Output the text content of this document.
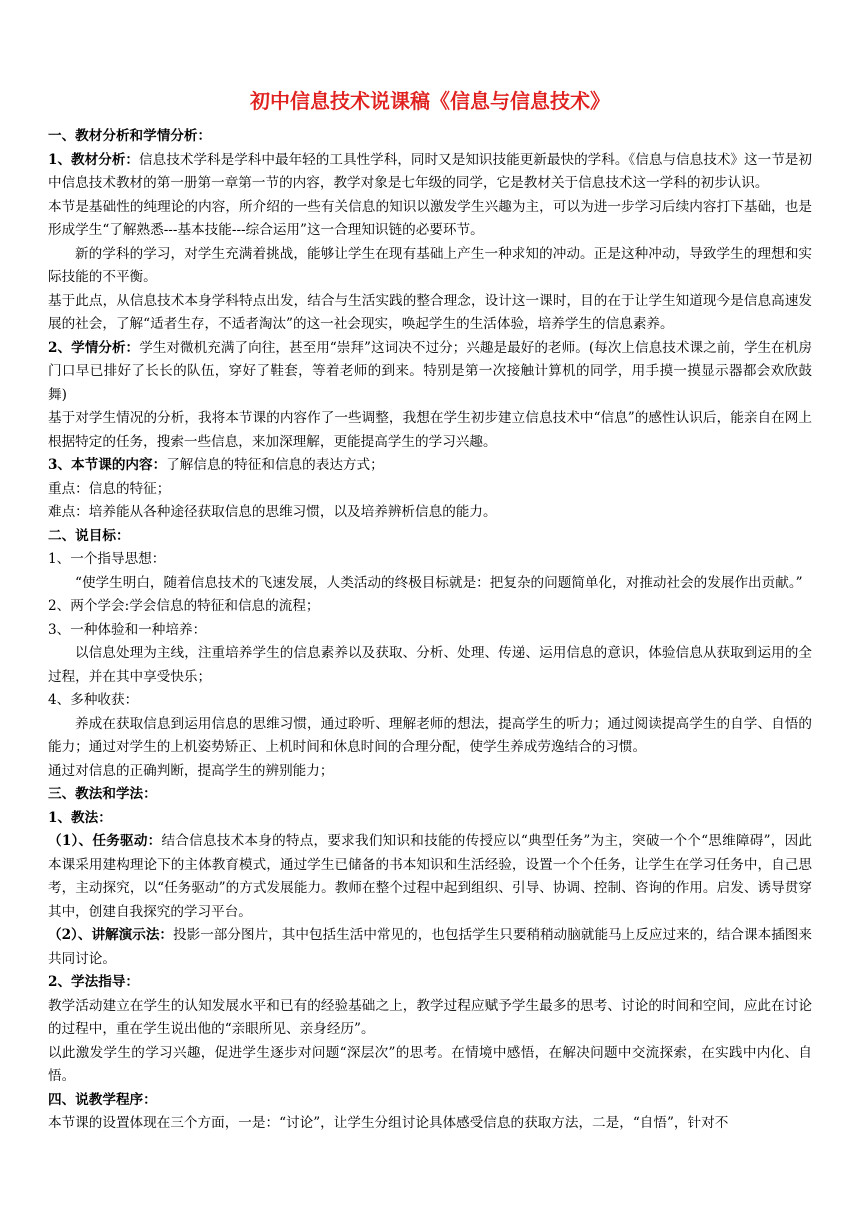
初中信息技术说课稿《信息与信息技术》

一、教材分析和学情分析：

1、教材分析：信息技术学科是学科中最年轻的工具性学科，同时又是知识技能更新最快的学科。《信息与信息技术》这一节是初中信息技术教材的第一册第一章第一节的内容，教学对象是七年级的同学，它是教材关于信息技术这一学科的初步认识。

本节是基础性的纯理论的内容，所介绍的一些有关信息的知识以激发学生兴趣为主，可以为进一步学习后续内容打下基础，也是形成学生“了解熟悉---基本技能---综合运用”这一合理知识链的必要环节。

新的学科的学习，对学生充满着挑战，能够让学生在现有基础上产生一种求知的冲动。正是这种冲动，导致学生的理想和实际技能的不平衡。

基于此点，从信息技术本身学科特点出发，结合与生活实践的整合理念，设计这一课时，目的在于让学生知道现今是信息高速发展的社会，了解“适者生存，不适者淘汰”的这一社会现实，唤起学生的生活体验，培养学生的信息素养。

2、学情分析：学生对微机充满了向往，甚至用“崇拜”这词决不过分；兴趣是最好的老师。(每次上信息技术课之前，学生在机房门口早已排好了长长的队伍，穿好了鞋套，等着老师的到来。特别是第一次接触计算机的同学，用手摸一摸显示器都会欢欣鼓舞)

基于对学生情况的分析，我将本节课的内容作了一些调整，我想在学生初步建立信息技术中“信息”的感性认识后，能亲自在网上根据特定的任务，搜索一些信息，来加深理解，更能提高学生的学习兴趣。

3、本节课的内容：了解信息的特征和信息的表达方式；

重点：信息的特征；

难点：培养能从各种途径获取信息的思维习惯，以及培养辨析信息的能力。

二、说目标：

1、一个指导思想：

“使学生明白，随着信息技术的飞速发展，人类活动的终极目标就是：把复杂的问题简单化，对推动社会的发展作出贡献。”

2、两个学会:学会信息的特征和信息的流程；

3、一种体验和一种培养：

以信息处理为主线，注重培养学生的信息素养以及获取、分析、处理、传递、运用信息的意识，体验信息从获取到运用的全过程，并在其中享受快乐；

4、多种收获：

养成在获取信息到运用信息的思维习惯，通过聆听、理解老师的想法，提高学生的听力；通过阅读提高学生的自学、自悟的能力；通过对学生的上机姿势矫正、上机时间和休息时间的合理分配，使学生养成劳逸结合的习惯。

通过对信息的正确判断，提高学生的辨别能力；

三、教法和学法：

1、教法：

（1）、任务驱动：结合信息技术本身的特点，要求我们知识和技能的传授应以“典型任务”为主，突破一个个“思维障碍”，因此本课采用建构理论下的主体教育模式，通过学生已储备的书本知识和生活经验，设置一个个任务，让学生在学习任务中，自己思考，主动探究，以“任务驱动”的方式发展能力。教师在整个过程中起到组织、引导、协调、控制、咨询的作用。启发、诱导贯穿其中，创建自我探究的学习平台。

（2）、讲解演示法：投影一部分图片，其中包括生活中常见的，也包括学生只要稍稍动脑就能马上反应过来的，结合课本插图来共同讨论。

2、学法指导：

教学活动建立在学生的认知发展水平和已有的经验基础之上，教学过程应赋予学生最多的思考、讨论的时间和空间，应此在讨论的过程中，重在学生说出他的“亲眼所见、亲身经历”。

以此激发学生的学习兴趣，促进学生逐步对问题“深层次”的思考。在情境中感悟，在解决问题中交流探索，在实践中内化、自悟。

四、说教学程序：

本节课的设置体现在三个方面，一是：“讨论”，让学生分组讨论具体感受信息的获取方法，二是，“自悟”，针对不
